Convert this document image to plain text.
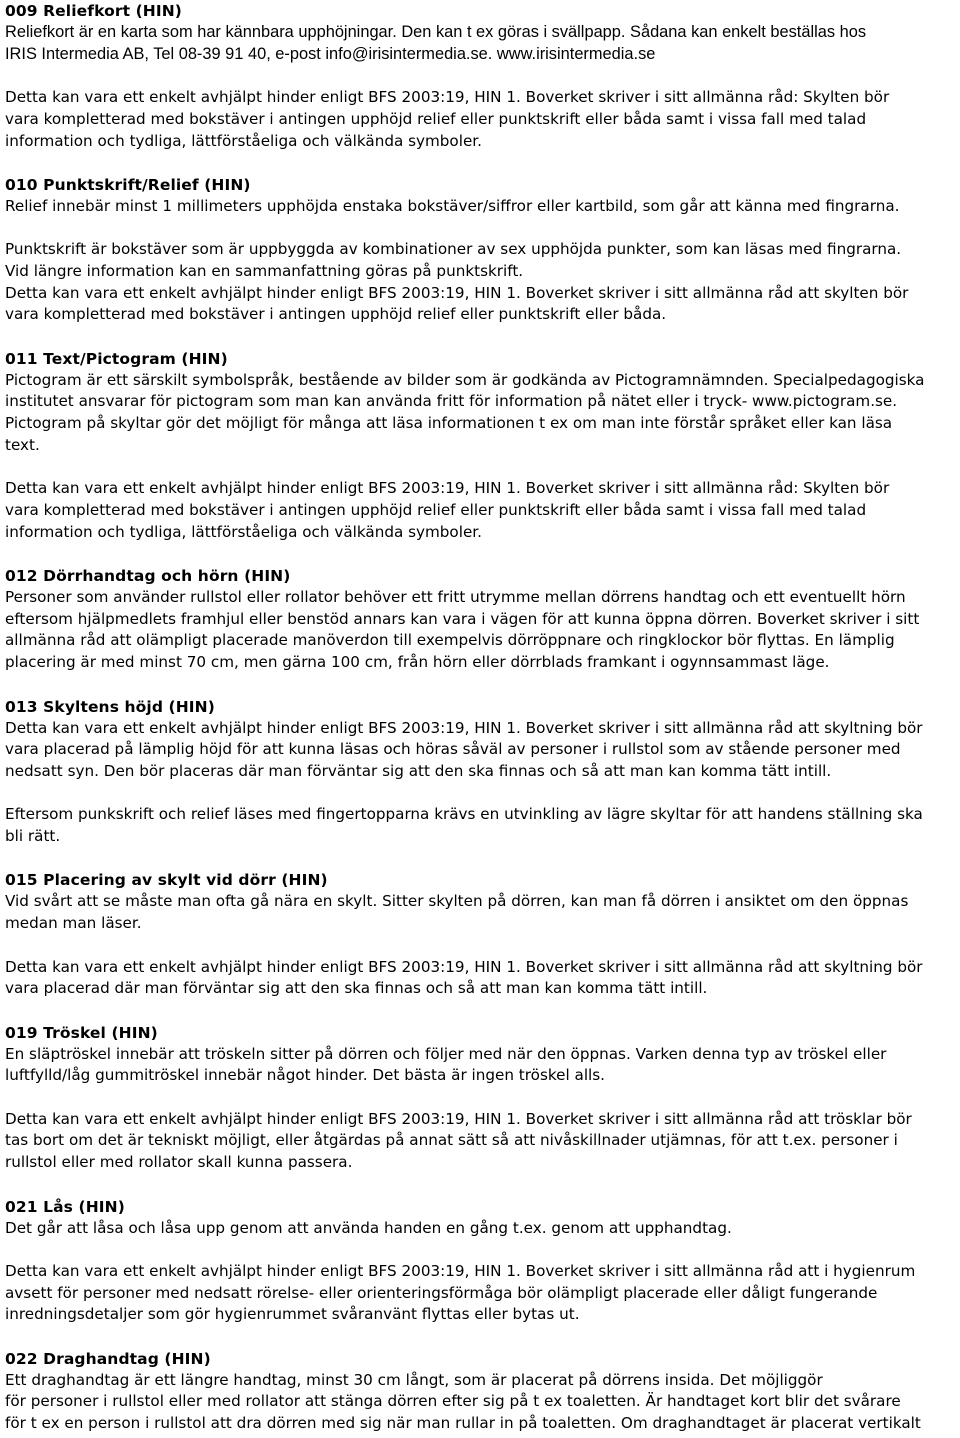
009 Reliefkort (HIN)
Reliefkort är en karta som har kännbara upphöjningar. Den kan t ex göras i svällpapp. Sådana kan enkelt beställas hos
IRIS Intermedia AB, Tel 08-39 91 40, e-post info@irisintermedia.se. www.irisintermedia.se
Detta kan vara ett enkelt avhjälpt hinder enligt BFS 2003:19, HIN 1. Boverket skriver i sitt allmänna råd: Skylten bör
vara kompletterad med bokstäver i antingen upphöjd relief eller punktskrift eller båda samt i vissa fall med talad
information och tydliga, lättförståeliga och välkända symboler.
010 Punktskrift/Relief (HIN)
Relief innebär minst 1 millimeters upphöjda enstaka bokstäver/siffror eller kartbild, som går att känna med fingrarna.
Punktskrift är bokstäver som är uppbyggda av kombinationer av sex upphöjda punkter, som kan läsas med fingrarna.
Vid längre information kan en sammanfattning göras på punktskrift.
Detta kan vara ett enkelt avhjälpt hinder enligt BFS 2003:19, HIN 1. Boverket skriver i sitt allmänna råd att skylten bör
vara kompletterad med bokstäver i antingen upphöjd relief eller punktskrift eller båda.
011 Text/Pictogram (HIN)
Pictogram är ett särskilt symbolspråk, bestående av bilder som är godkända av Pictogramnämnden. Specialpedagogiska
institutet ansvarar för pictogram som man kan använda fritt för information på nätet eller i tryck- www.pictogram.se.
Pictogram på skyltar gör det möjligt för många att läsa informationen t ex om man inte förstår språket eller kan läsa
text.
Detta kan vara ett enkelt avhjälpt hinder enligt BFS 2003:19, HIN 1. Boverket skriver i sitt allmänna råd: Skylten bör
vara kompletterad med bokstäver i antingen upphöjd relief eller punktskrift eller båda samt i vissa fall med talad
information och tydliga, lättförståeliga och välkända symboler.
012 Dörrhandtag och hörn (HIN)
Personer som använder rullstol eller rollator behöver ett fritt utrymme mellan dörrens handtag och ett eventuellt hörn
eftersom hjälpmedlets framhjul eller benstöd annars kan vara i vägen för att kunna öppna dörren. Boverket skriver i sitt
allmänna råd att olämpligt placerade manöverdon till exempelvis dörröppnare och ringklockor bör flyttas. En lämplig
placering är med minst 70 cm, men gärna 100 cm, från hörn eller dörrblads framkant i ogynnsammast läge.
013 Skyltens höjd (HIN)
Detta kan vara ett enkelt avhjälpt hinder enligt BFS 2003:19, HIN 1. Boverket skriver i sitt allmänna råd att skyltning bör
vara placerad på lämplig höjd för att kunna läsas och höras såväl av personer i rullstol som av stående personer med
nedsatt syn. Den bör placeras där man förväntar sig att den ska finnas och så att man kan komma tätt intill.
Eftersom punkskrift och relief läses med fingertopparna krävs en utvinkling av lägre skyltar för att handens ställning ska
bli rätt.
015 Placering av skylt vid dörr (HIN)
Vid svårt att se måste man ofta gå nära en skylt. Sitter skylten på dörren, kan man få dörren i ansiktet om den öppnas
medan man läser.
Detta kan vara ett enkelt avhjälpt hinder enligt BFS 2003:19, HIN 1. Boverket skriver i sitt allmänna råd att skyltning bör
vara placerad där man förväntar sig att den ska finnas och så att man kan komma tätt intill.
019 Tröskel (HIN)
En släptröskel innebär att tröskeln sitter på dörren och följer med när den öppnas. Varken denna typ av tröskel eller
luftfylld/låg gummitröskel innebär något hinder. Det bästa är ingen tröskel alls.
Detta kan vara ett enkelt avhjälpt hinder enligt BFS 2003:19, HIN 1. Boverket skriver i sitt allmänna råd att trösklar bör
tas bort om det är tekniskt möjligt, eller åtgärdas på annat sätt så att nivåskillnader utjämnas, för att t.ex. personer i
rullstol eller med rollator skall kunna passera.
021 Lås (HIN)
Det går att låsa och låsa upp genom att använda handen en gång t.ex. genom att upphandtag.
Detta kan vara ett enkelt avhjälpt hinder enligt BFS 2003:19, HIN 1. Boverket skriver i sitt allmänna råd att i hygienrum
avsett för personer med nedsatt rörelse- eller orienteringsförmåga bör olämpligt placerade eller dåligt fungerande
inredningsdetaljer som gör hygienrummet svåranvänt flyttas eller bytas ut.
022 Draghandtag (HIN)
Ett draghandtag är ett längre handtag, minst 30 cm långt, som är placerat på dörrens insida. Det möjliggör
för personer i rullstol eller med rollator att stänga dörren efter sig på t ex toaletten. Är handtaget kort blir det svårare
för t ex en person i rullstol att dra dörren med sig när man rullar in på toaletten. Om draghandtaget är placerat vertikalt
